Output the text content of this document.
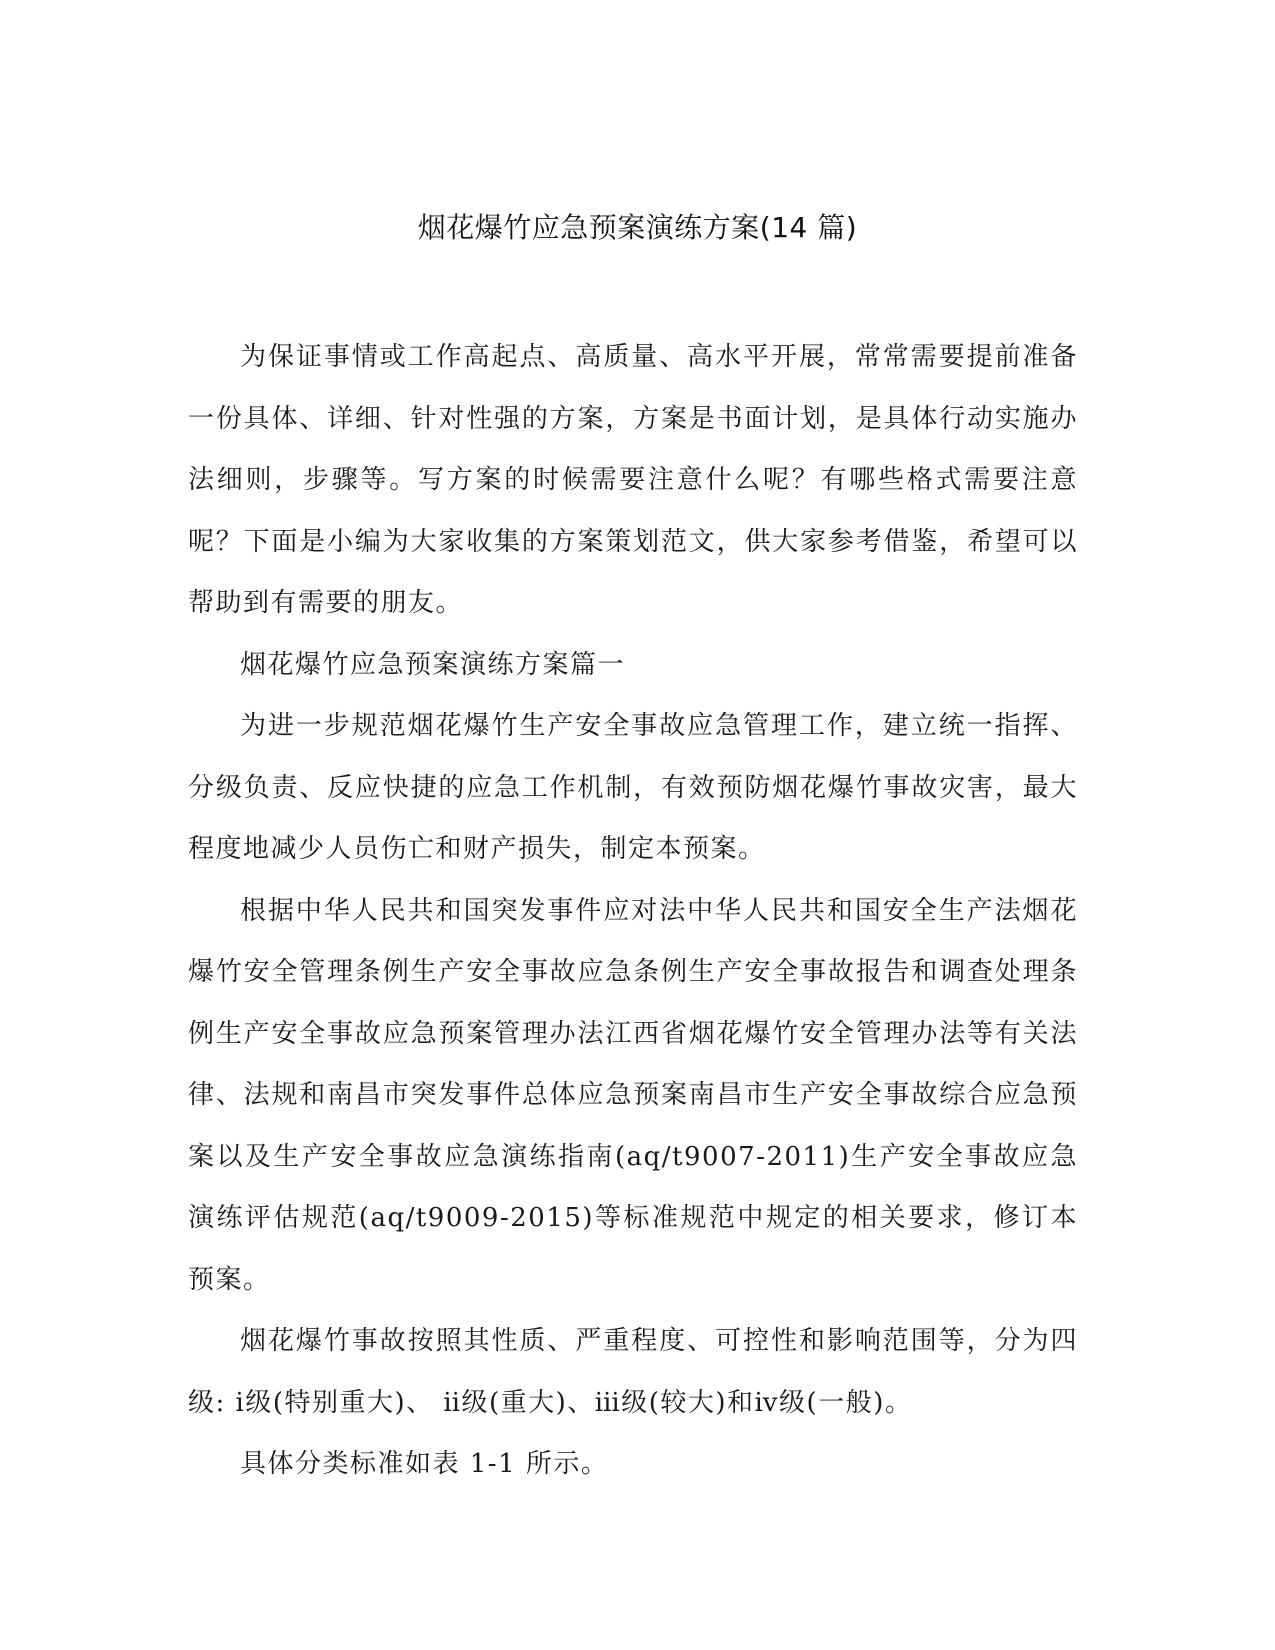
烟花爆竹应急预案演练方案(14 篇)

为保证事情或工作高起点、高质量、高水平开展，常常需要提前准备一份具体、详细、针对性强的方案，方案是书面计划，是具体行动实施办法细则，步骤等。写方案的时候需要注意什么呢？有哪些格式需要注意呢？下面是小编为大家收集的方案策划范文，供大家参考借鉴，希望可以帮助到有需要的朋友。

烟花爆竹应急预案演练方案篇一

为进一步规范烟花爆竹生产安全事故应急管理工作，建立统一指挥、分级负责、反应快捷的应急工作机制，有效预防烟花爆竹事故灾害，最大程度地减少人员伤亡和财产损失，制定本预案。

根据中华人民共和国突发事件应对法中华人民共和国安全生产法烟花爆竹安全管理条例生产安全事故应急条例生产安全事故报告和调查处理条例生产安全事故应急预案管理办法江西省烟花爆竹安全管理办法等有关法律、法规和南昌市突发事件总体应急预案南昌市生产安全事故综合应急预案以及生产安全事故应急演练指南(aq/t9007-2011)生产安全事故应急演练评估规范(aq/t9009-2015)等标准规范中规定的相关要求，修订本预案。

烟花爆竹事故按照其性质、严重程度、可控性和影响范围等，分为四级: ⅰ级(特别重大)、 ⅱ级(重大)、ⅲ级(较大)和ⅳ级(一般)。

具体分类标准如表 1-1 所示。
